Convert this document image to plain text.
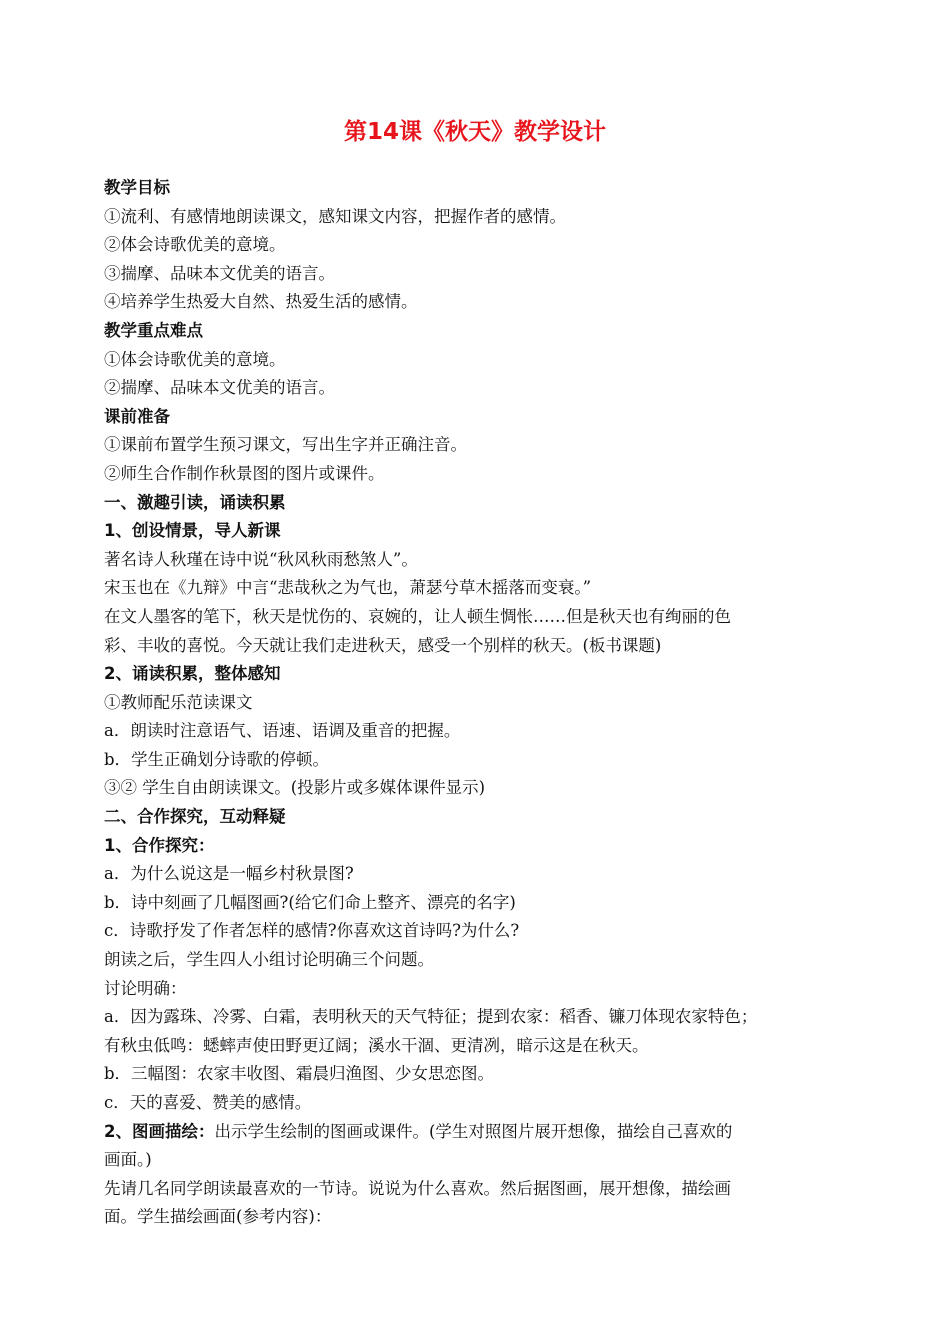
第14课《秋天》教学设计
教学目标
①流利、有感情地朗读课文，感知课文内容，把握作者的感情。
②体会诗歌优美的意境。
③揣摩、品味本文优美的语言。
④培养学生热爱大自然、热爱生活的感情。
教学重点难点
①体会诗歌优美的意境。
②揣摩、品味本文优美的语言。
课前准备
①课前布置学生预习课文，写出生字并正确注音。
②师生合作制作秋景图的图片或课件。
一、激趣引读，诵读积累
1、创设情景，导人新课
著名诗人秋瑾在诗中说“秋风秋雨愁煞人”。
宋玉也在《九辩》中言“悲哉秋之为气也，萧瑟兮草木摇落而变衰。”
在文人墨客的笔下，秋天是忧伤的、哀婉的，让人顿生惆怅……但是秋天也有绚丽的色
彩、丰收的喜悦。今天就让我们走进秋天，感受一个别样的秋天。(板书课题)
2、诵读积累，整体感知
①教师配乐范读课文
a．朗读时注意语气、语速、语调及重音的把握。
b．学生正确划分诗歌的停顿。
③② 学生自由朗读课文。(投影片或多媒体课件显示)
二、合作探究，互动释疑
1、合作探究：
a．为什么说这是一幅乡村秋景图?
b．诗中刻画了几幅图画?(给它们命上整齐、漂亮的名字)
c．诗歌抒发了作者怎样的感情?你喜欢这首诗吗?为什么?
朗读之后，学生四人小组讨论明确三个问题。
讨论明确：
a．因为露珠、冷雾、白霜，表明秋天的天气特征；提到农家：稻香、镰刀体现农家特色；
有秋虫低鸣：蟋蟀声使田野更辽阔；溪水干涸、更清冽，暗示这是在秋天。
b．三幅图：农家丰收图、霜晨归渔图、少女思恋图。
c．天的喜爱、赞美的感情。
2、图画描绘：出示学生绘制的图画或课件。(学生对照图片展开想像，描绘自己喜欢的
画面。)
先请几名同学朗读最喜欢的一节诗。说说为什么喜欢。然后据图画，展开想像，描绘画
面。学生描绘画面(参考内容)：
